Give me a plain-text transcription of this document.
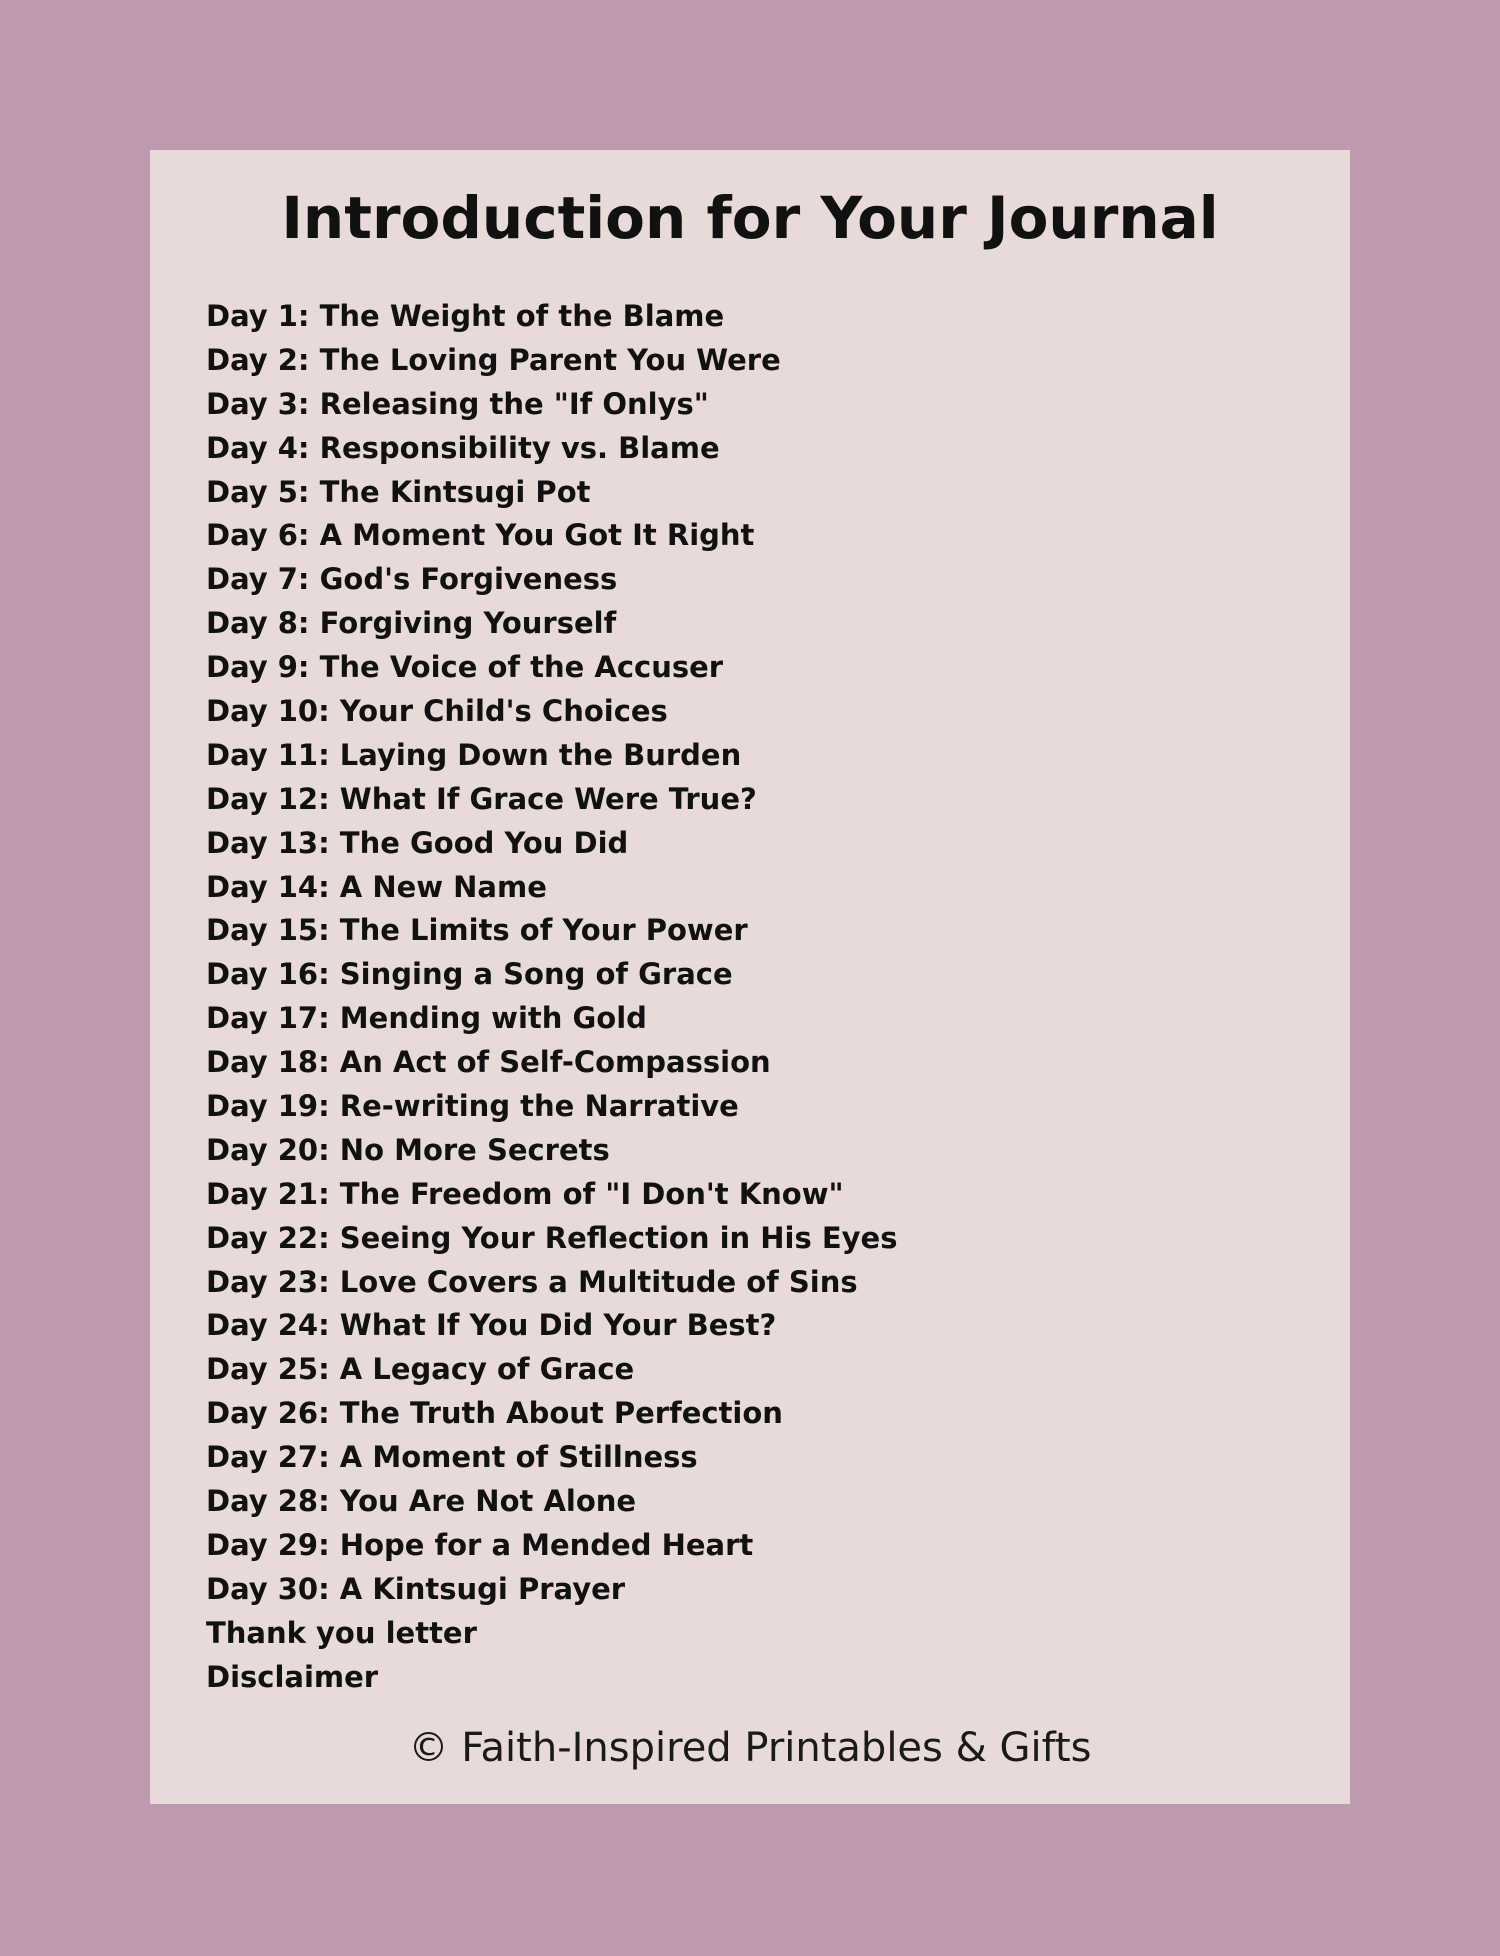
Introduction for Your Journal
Day 1: The Weight of the Blame
Day 2: The Loving Parent You Were
Day 3: Releasing the "If Onlys"
Day 4: Responsibility vs. Blame
Day 5: The Kintsugi Pot
Day 6: A Moment You Got It Right
Day 7: God's Forgiveness
Day 8: Forgiving Yourself
Day 9: The Voice of the Accuser
Day 10: Your Child's Choices
Day 11: Laying Down the Burden
Day 12: What If Grace Were True?
Day 13: The Good You Did
Day 14: A New Name
Day 15: The Limits of Your Power
Day 16: Singing a Song of Grace
Day 17: Mending with Gold
Day 18: An Act of Self-Compassion
Day 19: Re-writing the Narrative
Day 20: No More Secrets
Day 21: The Freedom of "I Don't Know"
Day 22: Seeing Your Reflection in His Eyes
Day 23: Love Covers a Multitude of Sins
Day 24: What If You Did Your Best?
Day 25: A Legacy of Grace
Day 26: The Truth About Perfection
Day 27: A Moment of Stillness
Day 28: You Are Not Alone
Day 29: Hope for a Mended Heart
Day 30: A Kintsugi Prayer
Thank you letter
Disclaimer
© Faith-Inspired Printables & Gifts
